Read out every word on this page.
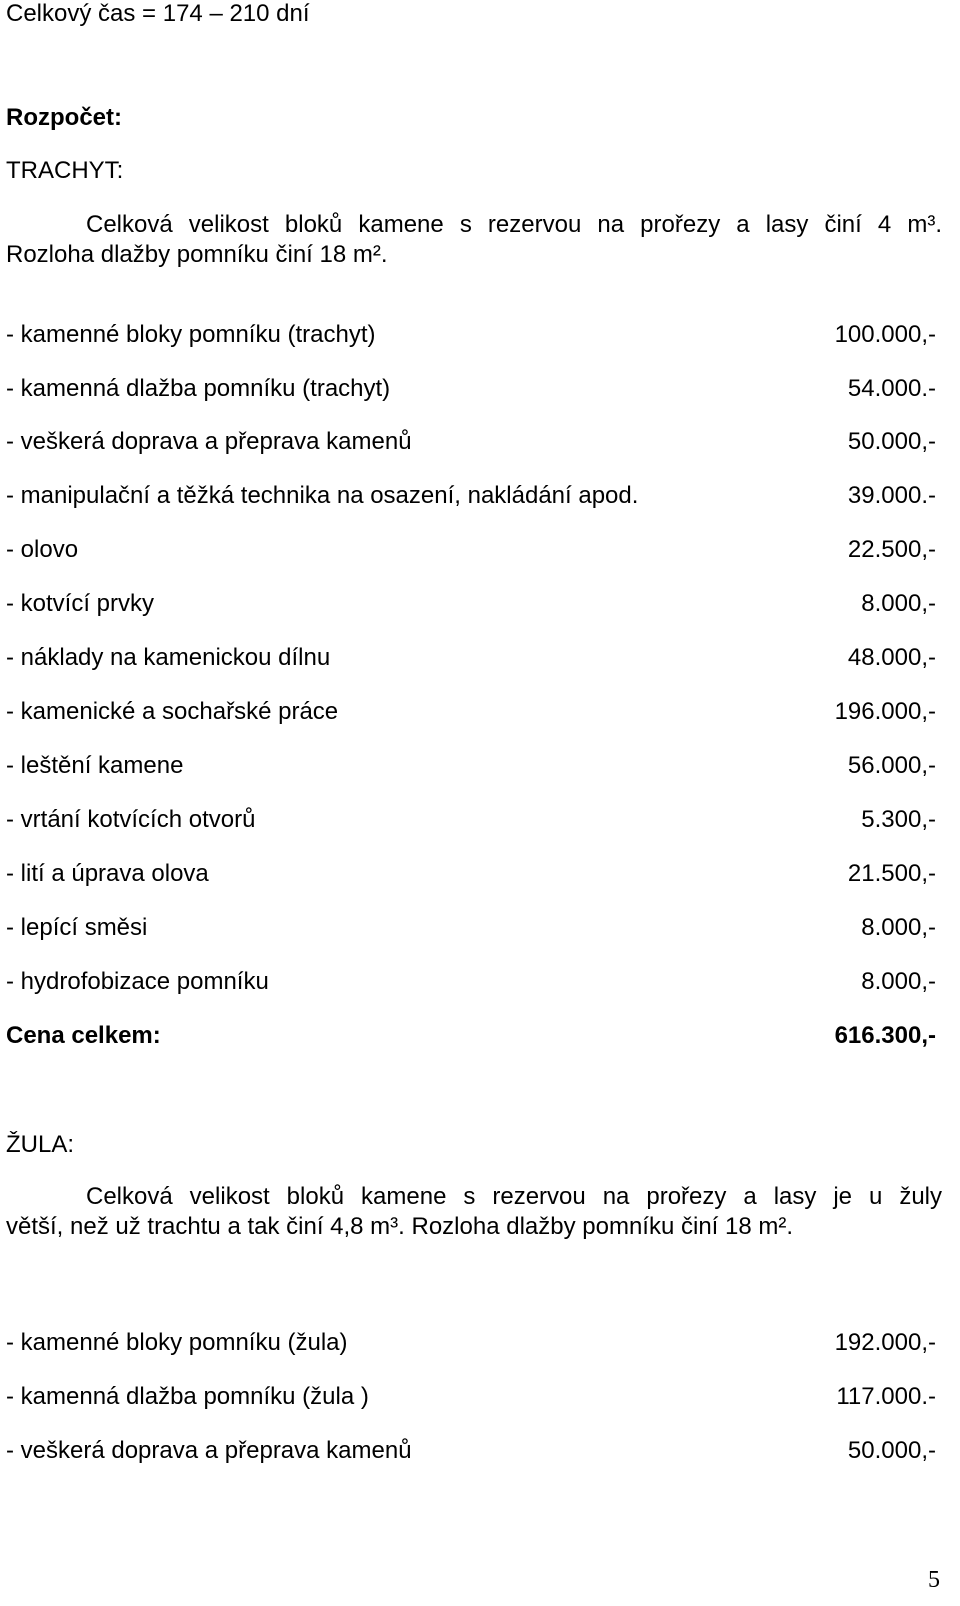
Celkový čas = 174 – 210 dní
Rozpočet:
TRACHYT:
Celková velikost bloků kamene s rezervou na prořezy a lasy činí 4 m³.
Rozloha dlažby pomníku činí 18 m².
- kamenné bloky pomníku (trachyt)	100.000,-
- kamenná dlažba pomníku (trachyt)	54.000.-
- veškerá doprava a přeprava kamenů	50.000,-
- manipulační a těžká technika na osazení, nakládání apod.	39.000.-
- olovo	22.500,-
- kotvící prvky	8.000,-
- náklady na kamenickou dílnu	48.000,-
- kamenické a sochařské práce	196.000,-
- leštění kamene	56.000,-
- vrtání kotvících otvorů	5.300,-
- lití a úprava olova	21.500,-
- lepící směsi	8.000,-
- hydrofobizace pomníku	8.000,-
Cena celkem:	616.300,-
ŽULA:
Celková velikost bloků kamene s rezervou na prořezy a lasy je u žuly
větší, než už trachtu a tak činí 4,8 m³. Rozloha dlažby pomníku činí 18 m².
- kamenné bloky pomníku (žula)	192.000,-
- kamenná dlažba pomníku (žula )	117.000.-
- veškerá doprava a přeprava kamenů	50.000,-
5
